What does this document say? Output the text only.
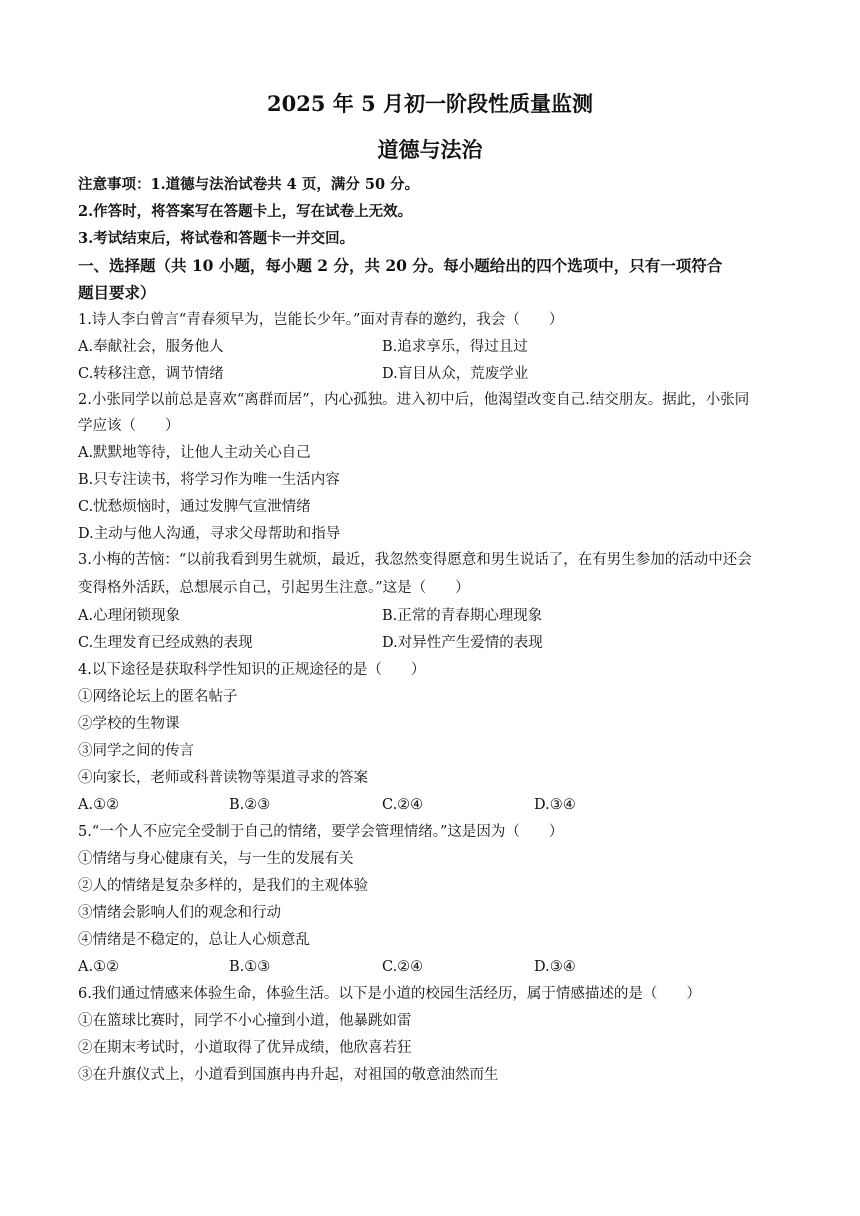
2025 年 5 月初一阶段性质量监测
道德与法治
注意事项：1.道德与法治试卷共 4 页，满分 50 分。
2.作答时，将答案写在答题卡上，写在试卷上无效。
3.考试结束后，将试卷和答题卡一并交回。
一、选择题（共 10 小题，每小题 2 分，共 20 分。每小题给出的四个选项中，只有一项符合
题目要求）
1.诗人李白曾言“青春须早为，岂能长少年。”面对青春的邀约，我会（　　）
A.奉献社会，服务他人	B.追求享乐，得过且过
C.转移注意，调节情绪	D.盲目从众，荒废学业
2.小张同学以前总是喜欢“离群而居”，内心孤独。进入初中后，他渴望改变自己.结交朋友。据此，小张同
学应该（　　）
A.默默地等待，让他人主动关心自己
B.只专注读书，将学习作为唯一生活内容
C.忧愁烦恼时，通过发脾气宣泄情绪
D.主动与他人沟通，寻求父母帮助和指导
3.小梅的苦恼：“以前我看到男生就烦，最近，我忽然变得愿意和男生说话了，在有男生参加的活动中还会
变得格外活跃，总想展示自己，引起男生注意。”这是（　　）
A.心理闭锁现象	B.正常的青春期心理现象
C.生理发育已经成熟的表现	D.对异性产生爱情的表现
4.以下途径是获取科学性知识的正规途径的是（　　）
①网络论坛上的匿名帖子
②学校的生物课
③同学之间的传言
④向家长，老师或科普读物等渠道寻求的答案
A.①②	B.②③	C.②④	D.③④
5.“一个人不应完全受制于自己的情绪，要学会管理情绪。”这是因为（　　）
①情绪与身心健康有关，与一生的发展有关
②人的情绪是复杂多样的，是我们的主观体验
③情绪会影响人们的观念和行动
④情绪是不稳定的，总让人心烦意乱
A.①②	B.①③	C.②④	D.③④
6.我们通过情感来体验生命，体验生活。以下是小道的校园生活经历，属于情感描述的是（　　）
①在篮球比赛时，同学不小心撞到小道，他暴跳如雷
②在期末考试时，小道取得了优异成绩，他欣喜若狂
③在升旗仪式上，小道看到国旗冉冉升起，对祖国的敬意油然而生
